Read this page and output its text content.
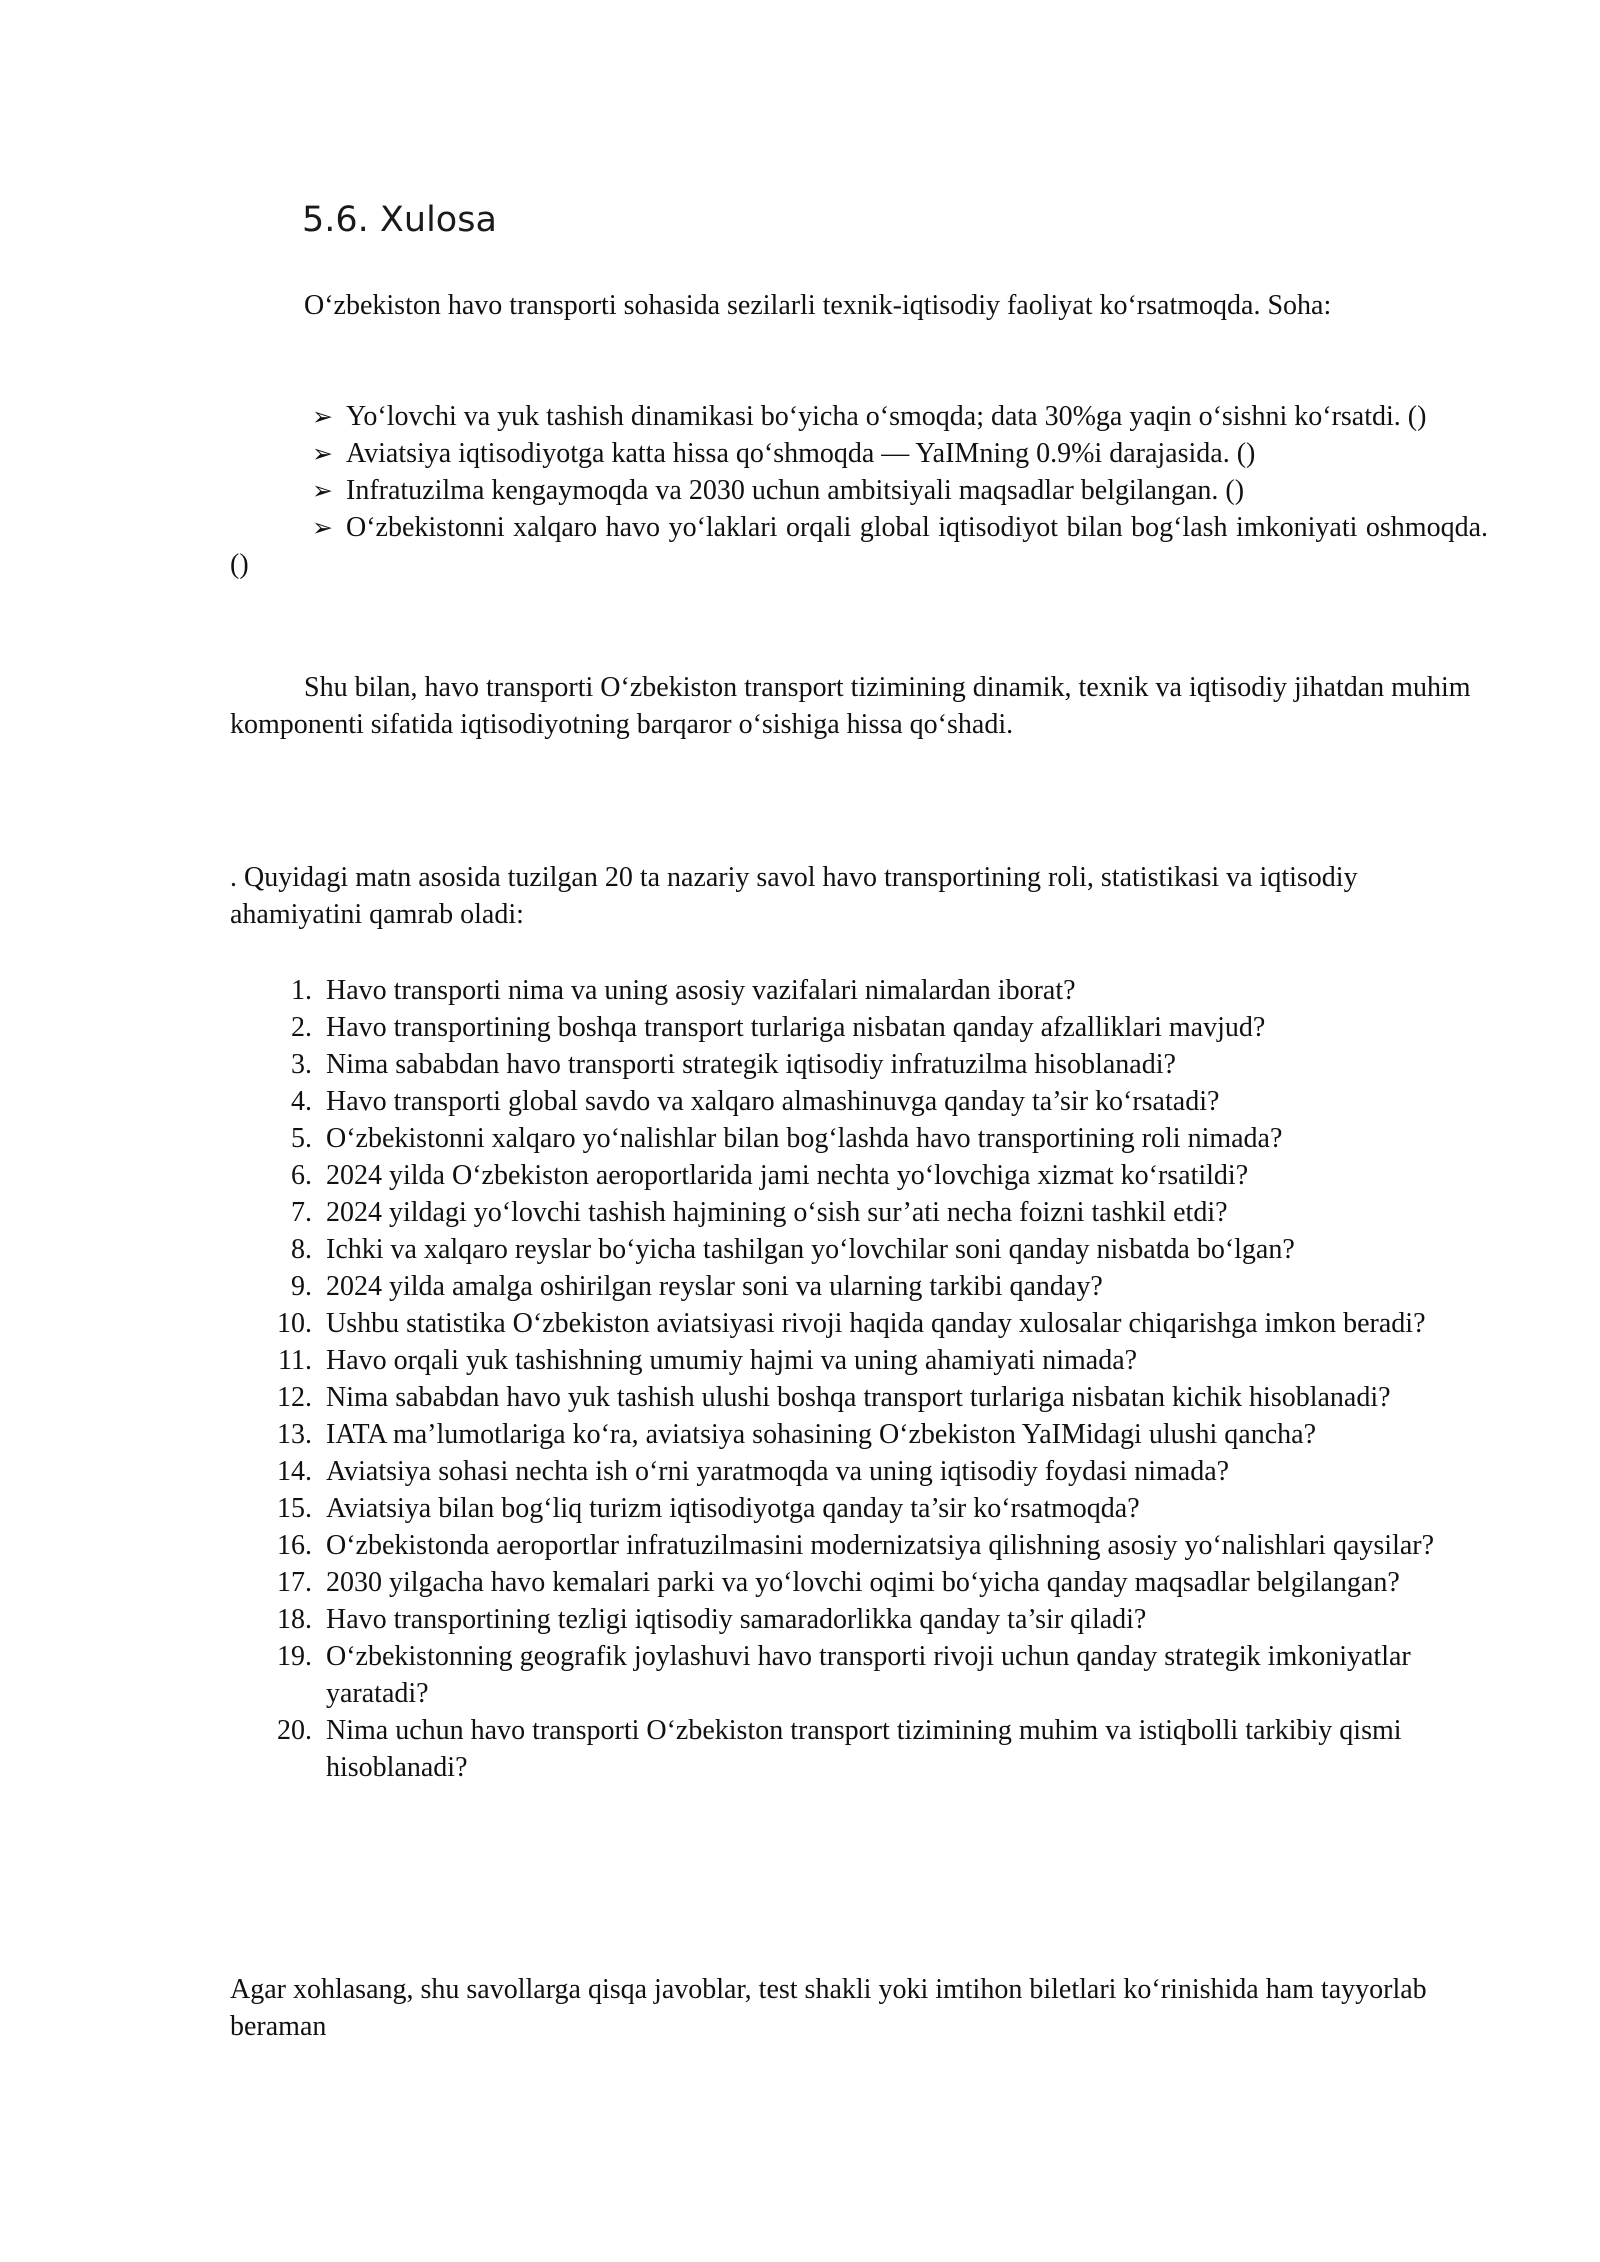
5.6. Xulosa

O‘zbekiston havo transporti sohasida sezilarli texnik-iqtisodiy faoliyat ko‘rsatmoqda. Soha:

➢ Yo‘lovchi va yuk tashish dinamikasi bo‘yicha o‘smoqda; data 30%ga yaqin o‘sishni ko‘rsatdi. ()
➢ Aviatsiya iqtisodiyotga katta hissa qo‘shmoqda — YaIMning 0.9%i darajasida. ()
➢ Infratuzilma kengaymoqda va 2030 uchun ambitsiyali maqsadlar belgilangan. ()
➢ O‘zbekistonni xalqaro havo yo‘laklari orqali global iqtisodiyot bilan bog‘lash imkoniyati oshmoqda. ()

Shu bilan, havo transporti O‘zbekiston transport tizimining dinamik, texnik va iqtisodiy jihatdan muhim komponenti sifatida iqtisodiyotning barqaror o‘sishiga hissa qo‘shadi.

. Quyidagi matn asosida tuzilgan 20 ta nazariy savol havo transportining roli, statistikasi va iqtisodiy ahamiyatini qamrab oladi:

1. Havo transporti nima va uning asosiy vazifalari nimalardan iborat?
2. Havo transportining boshqa transport turlariga nisbatan qanday afzalliklari mavjud?
3. Nima sababdan havo transporti strategik iqtisodiy infratuzilma hisoblanadi?
4. Havo transporti global savdo va xalqaro almashinuvga qanday ta’sir ko‘rsatadi?
5. O‘zbekistonni xalqaro yo‘nalishlar bilan bog‘lashda havo transportining roli nimada?
6. 2024 yilda O‘zbekiston aeroportlarida jami nechta yo‘lovchiga xizmat ko‘rsatildi?
7. 2024 yildagi yo‘lovchi tashish hajmining o‘sish sur’ati necha foizni tashkil etdi?
8. Ichki va xalqaro reyslar bo‘yicha tashilgan yo‘lovchilar soni qanday nisbatda bo‘lgan?
9. 2024 yilda amalga oshirilgan reyslar soni va ularning tarkibi qanday?
10. Ushbu statistika O‘zbekiston aviatsiyasi rivoji haqida qanday xulosalar chiqarishga imkon beradi?
11. Havo orqali yuk tashishning umumiy hajmi va uning ahamiyati nimada?
12. Nima sababdan havo yuk tashish ulushi boshqa transport turlariga nisbatan kichik hisoblanadi?
13. IATA ma’lumotlariga ko‘ra, aviatsiya sohasining O‘zbekiston YaIMidagi ulushi qancha?
14. Aviatsiya sohasi nechta ish o‘rni yaratmoqda va uning iqtisodiy foydasi nimada?
15. Aviatsiya bilan bog‘liq turizm iqtisodiyotga qanday ta’sir ko‘rsatmoqda?
16. O‘zbekistonda aeroportlar infratuzilmasini modernizatsiya qilishning asosiy yo‘nalishlari qaysilar?
17. 2030 yilgacha havo kemalari parki va yo‘lovchi oqimi bo‘yicha qanday maqsadlar belgilangan?
18. Havo transportining tezligi iqtisodiy samaradorlikka qanday ta’sir qiladi?
19. O‘zbekistonning geografik joylashuvi havo transporti rivoji uchun qanday strategik imkoniyatlar yaratadi?
20. Nima uchun havo transporti O‘zbekiston transport tizimining muhim va istiqbolli tarkibiy qismi hisoblanadi?

Agar xohlasang, shu savollarga qisqa javoblar, test shakli yoki imtihon biletlari ko‘rinishida ham tayyorlab beraman
